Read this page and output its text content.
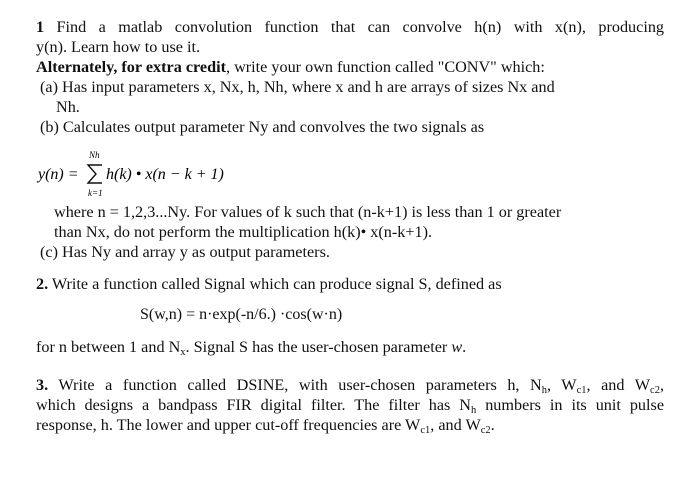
1 Find a matlab convolution function that can convolve h(n) with x(n), producing
y(n). Learn how to use it.
Alternately, for extra credit, write your own function called "CONV" which:
(a) Has input parameters x, Nx, h, Nh, where x and h are arrays of sizes Nx and
Nh.
(b) Calculates output parameter Ny and convolves the two signals as
y(n) =
Nh
k=1
h(k) • x(n − k + 1)
where n = 1,2,3...Ny. For values of k such that (n-k+1) is less than 1 or greater
than Nx, do not perform the multiplication h(k)• x(n-k+1).
(c) Has Ny and array y as output parameters.
2. Write a function called Signal which can produce signal S, defined as
S(w,n) = n·exp(-n/6.) ·cos(w·n)
for n between 1 and $N_x$. Signal S has the user-chosen parameter w.
3. Write a function called DSINE, with user-chosen parameters h, $N_h$, $W_{c1}$, and $W_{c2}$,
which designs a bandpass FIR digital filter. The filter has $N_h$ numbers in its unit pulse
response, h. The lower and upper cut-off frequencies are $W_{c1}$, and $W_{c2}$.
